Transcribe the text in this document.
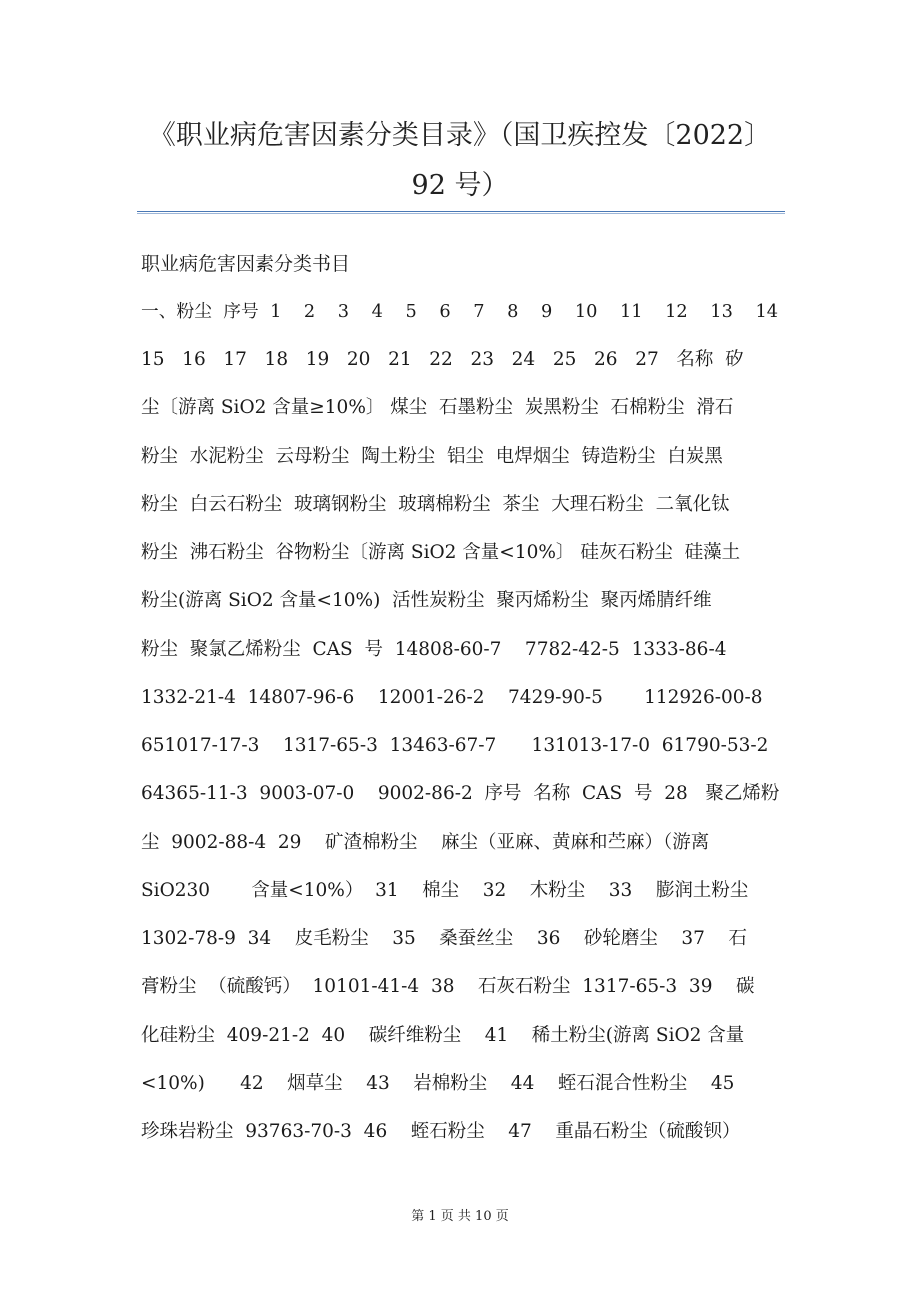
《职业病危害因素分类目录》（国卫疾控发〔2022〕
92 号）
职业病危害因素分类书目
一、粉尘  序号  1    2    3    4    5    6    7    8    9    10    11    12    13    14
15   16   17   18   19   20   21   22   23   24   25   26   27   名称  矽
尘〔游离 SiO2 含量≥10%〕 煤尘  石墨粉尘  炭黑粉尘  石棉粉尘  滑石
粉尘  水泥粉尘  云母粉尘  陶土粉尘  铝尘  电焊烟尘  铸造粉尘  白炭黑
粉尘  白云石粉尘  玻璃钢粉尘  玻璃棉粉尘  茶尘  大理石粉尘  二氧化钛
粉尘  沸石粉尘  谷物粉尘〔游离 SiO2 含量<10%〕 硅灰石粉尘  硅藻土
粉尘(游离 SiO2 含量<10%)  活性炭粉尘  聚丙烯粉尘  聚丙烯腈纤维
粉尘  聚氯乙烯粉尘  CAS  号  14808-60-7    7782-42-5  1333-86-4
1332-21-4  14807-96-6    12001-26-2    7429-90-5       112926-00-8
651017-17-3    1317-65-3  13463-67-7      131013-17-0  61790-53-2
64365-11-3  9003-07-0    9002-86-2  序号  名称  CAS  号  28   聚乙烯粉
尘  9002-88-4  29    矿渣棉粉尘    麻尘（亚麻、黄麻和苎麻）（游离
SiO230       含量<10%）  31    棉尘    32    木粉尘    33    膨润土粉尘
1302-78-9  34    皮毛粉尘    35    桑蚕丝尘    36    砂轮磨尘    37    石
膏粉尘  （硫酸钙）  10101-41-4  38    石灰石粉尘  1317-65-3  39    碳
化硅粉尘  409-21-2  40    碳纤维粉尘    41    稀土粉尘(游离 SiO2 含量
<10%)      42    烟草尘    43    岩棉粉尘    44    蛭石混合性粉尘    45
珍珠岩粉尘  93763-70-3  46    蛭石粉尘    47    重晶石粉尘（硫酸钡）
第 1 页 共 10 页
